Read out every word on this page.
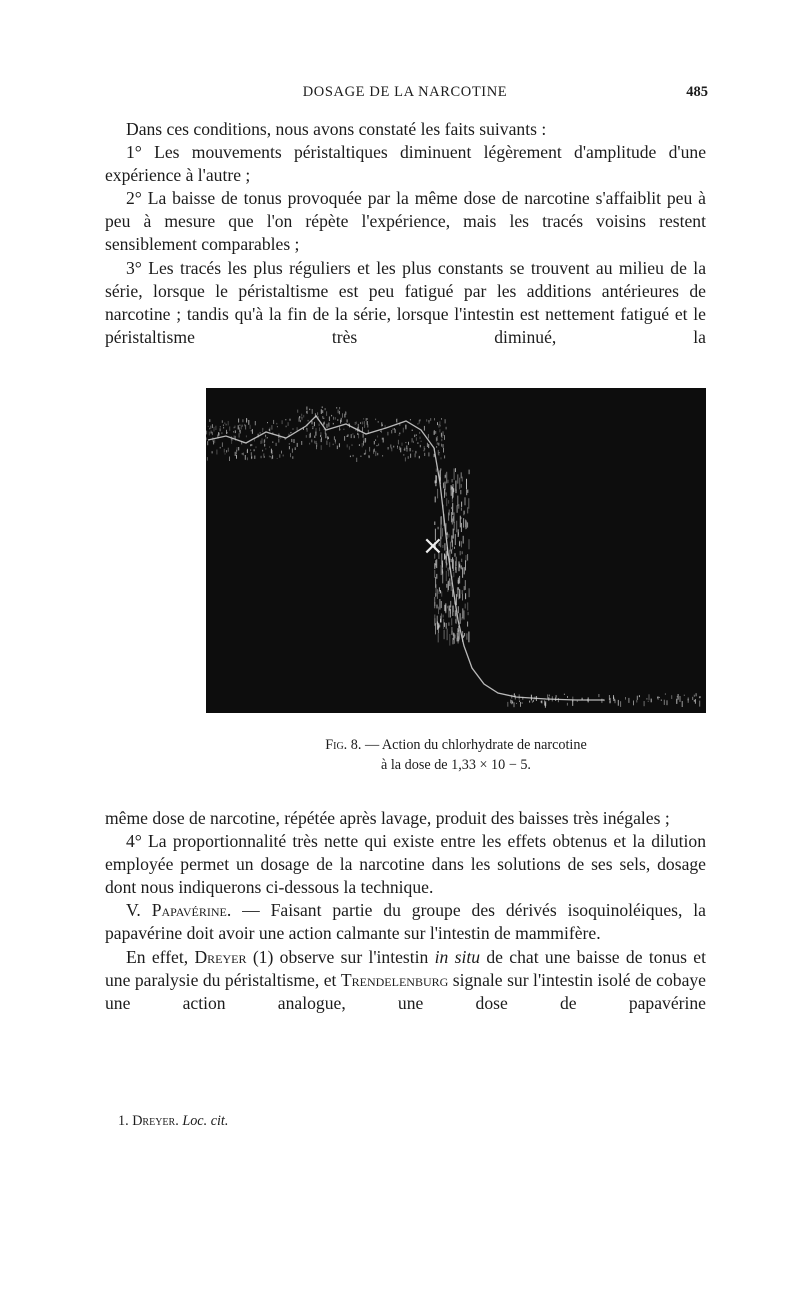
DOSAGE DE LA NARCOTINE	485

Dans ces conditions, nous avons constaté les faits suivants :

1° Les mouvements péristaltiques diminuent légèrement d'amplitude d'une expérience à l'autre ;

2° La baisse de tonus provoquée par la même dose de narcotine s'affaiblit peu à peu à mesure que l'on répète l'expérience, mais les tracés voisins restent sensiblement comparables ;

3° Les tracés les plus réguliers et les plus constants se trouvent au milieu de la série, lorsque le péristaltisme est peu fatigué par les additions antérieures de narcotine ; tandis qu'à la fin de la série, lorsque l'intestin est nettement fatigué et le péristaltisme très diminué, la

×
Fig. 8. — Action du chlorhydrate de narcotine
à la dose de 1,33 × 10 − 5.

même dose de narcotine, répétée après lavage, produit des baisses très inégales ;

4° La proportionnalité très nette qui existe entre les effets obtenus et la dilution employée permet un dosage de la narcotine dans les solutions de ses sels, dosage dont nous indiquerons ci-dessous la technique.

V. Papavérine. — Faisant partie du groupe des dérivés isoquinoléiques, la papavérine doit avoir une action calmante sur l'intestin de mammifère.

En effet, Dreyer (1) observe sur l'intestin in situ de chat une baisse de tonus et une paralysie du péristaltisme, et Trendelenburg signale sur l'intestin isolé de cobaye une action analogue, une dose de papavérine

1. Dreyer. Loc. cit.
